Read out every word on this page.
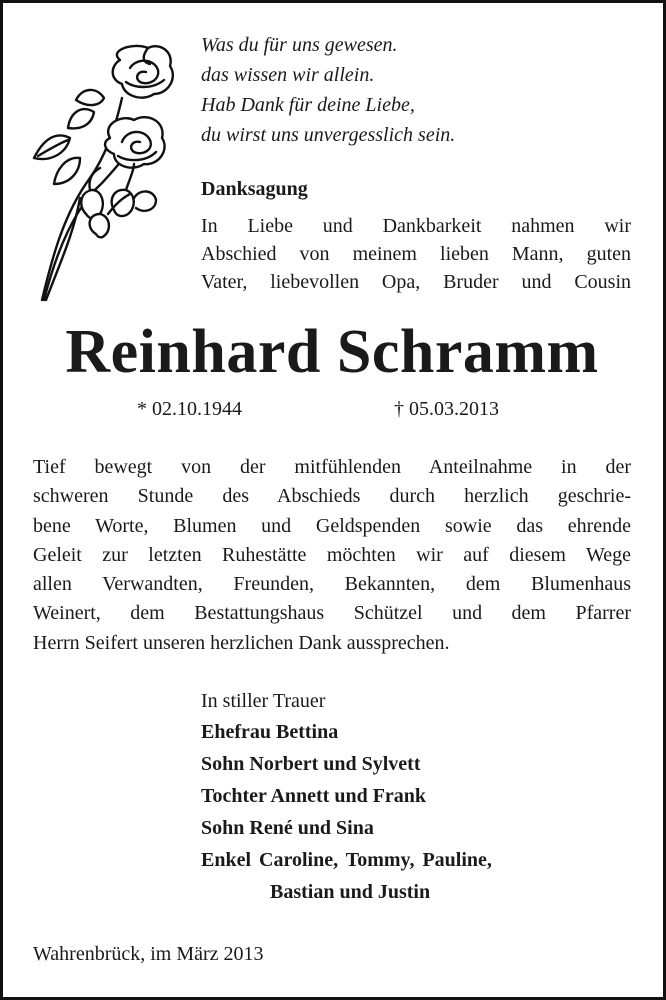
Was du für uns gewesen.
das wissen wir allein.
Hab Dank für deine Liebe,
du wirst uns unvergesslich sein.
Danksagung
In Liebe und Dankbarkeit nahmen wir
Abschied von meinem lieben Mann, guten
Vater, liebevollen Opa, Bruder und Cousin
Reinhard Schramm
* 02.10.1944	† 05.03.2013
Tief bewegt von der mitfühlenden Anteilnahme in der
schweren Stunde des Abschieds durch herzlich geschrie-
bene Worte, Blumen und Geldspenden sowie das ehrende
Geleit zur letzten Ruhestätte möchten wir auf diesem Wege
allen Verwandten, Freunden, Bekannten, dem Blumenhaus
Weinert, dem Bestattungshaus Schützel und dem Pfarrer
Herrn Seifert unseren herzlichen Dank aussprechen.
In stiller Trauer
Ehefrau Bettina
Sohn Norbert und Sylvett
Tochter Annett und Frank
Sohn René und Sina
Enkel Caroline, Tommy, Pauline,
Bastian und Justin
Wahrenbrück, im März 2013
